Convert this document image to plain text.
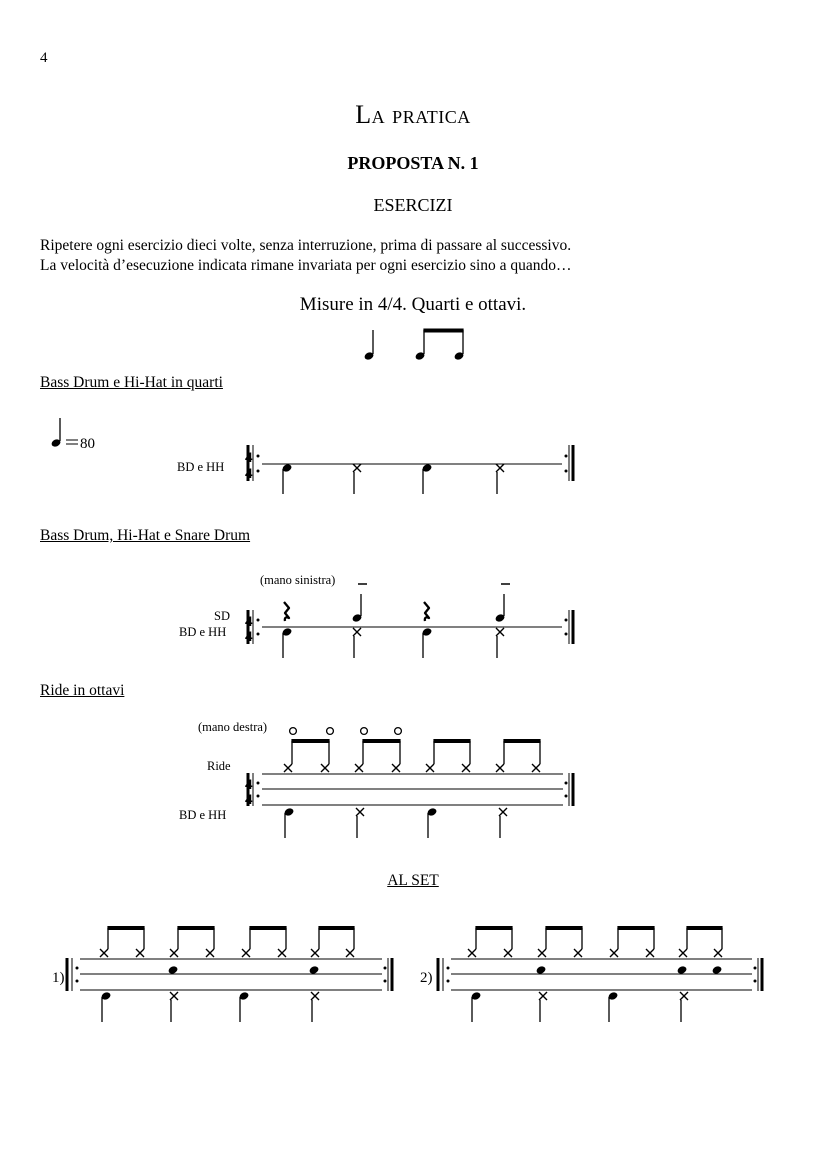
4
La pratica
PROPOSTA N. 1
ESERCIZI
Ripetere ogni esercizio dieci volte, senza interruzione, prima di passare al successivo.
La velocità d’esecuzione indicata rimane invariata per ogni esercizio sino a quando…
Misure in 4/4. Quarti e ottavi.
Bass Drum e Hi-Hat in quarti
Bass Drum, Hi-Hat e Snare Drum
Ride in ottavi
AL SET
80
BD e HH
4
4
(mano sinistra)
SD
BD e HH
4
4
(mano destra)
Ride
BD e HH
4
4
1)	2)
